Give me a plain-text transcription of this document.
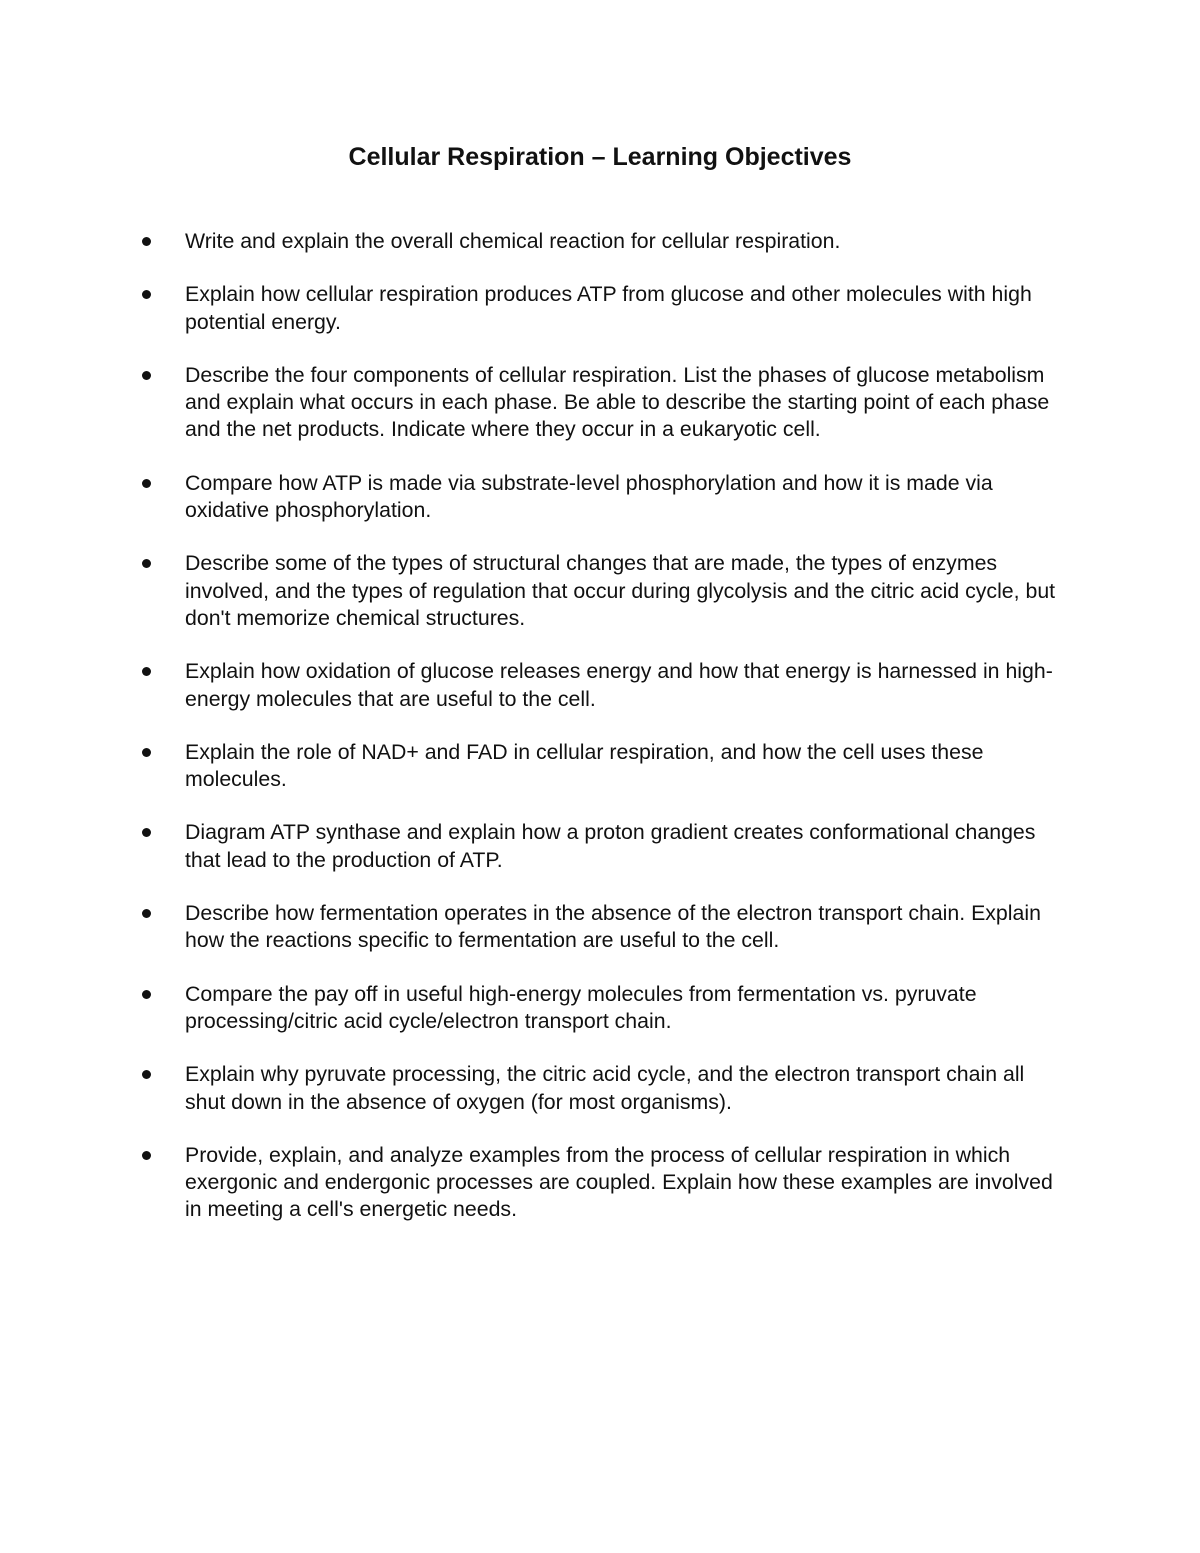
Cellular Respiration – Learning Objectives
Write and explain the overall chemical reaction for cellular respiration.
Explain how cellular respiration produces ATP from glucose and other molecules with high potential energy.
Describe the four components of cellular respiration. List the phases of glucose metabolism and explain what occurs in each phase. Be able to describe the starting point of each phase and the net products. Indicate where they occur in a eukaryotic cell.
Compare how ATP is made via substrate-level phosphorylation and how it is made via oxidative phosphorylation.
Describe some of the types of structural changes that are made, the types of enzymes involved, and the types of regulation that occur during glycolysis and the citric acid cycle, but don't memorize chemical structures.
Explain how oxidation of glucose releases energy and how that energy is harnessed in high-energy molecules that are useful to the cell.
Explain the role of NAD+ and FAD in cellular respiration, and how the cell uses these molecules.
Diagram ATP synthase and explain how a proton gradient creates conformational changes that lead to the production of ATP.
Describe how fermentation operates in the absence of the electron transport chain. Explain how the reactions specific to fermentation are useful to the cell.
Compare the pay off in useful high-energy molecules from fermentation vs. pyruvate processing/citric acid cycle/electron transport chain.
Explain why pyruvate processing, the citric acid cycle, and the electron transport chain all shut down in the absence of oxygen (for most organisms).
Provide, explain, and analyze examples from the process of cellular respiration in which exergonic and endergonic processes are coupled. Explain how these examples are involved in meeting a cell's energetic needs.
